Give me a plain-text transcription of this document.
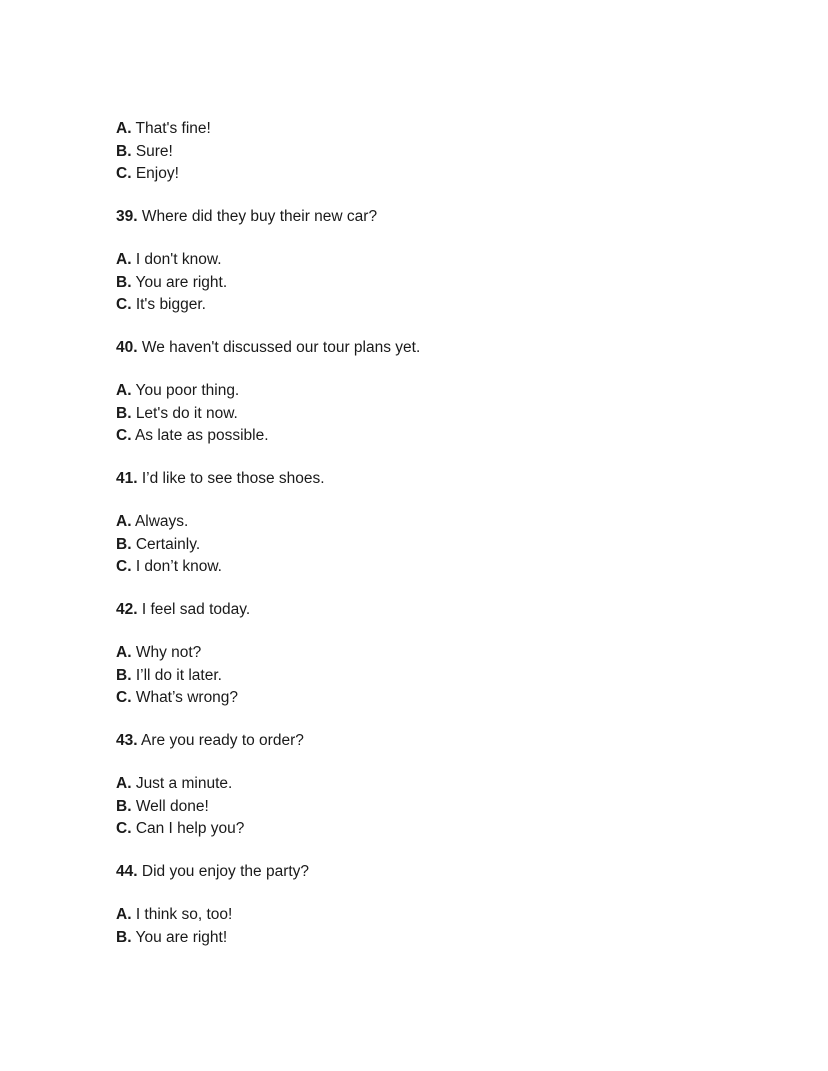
A. That's fine!
B. Sure!
C. Enjoy!
39. Where did they buy their new car?
A. I don't know.
B. You are right.
C. It's bigger.
40. We haven't discussed our tour plans yet.
A. You poor thing.
B. Let's do it now.
C. As late as possible.
41. I’d like to see those shoes.
A. Always.
B. Certainly.
C. I don’t know.
42. I feel sad today.
A. Why not?
B. I’ll do it later.
C. What’s wrong?
43. Are you ready to order?
A. Just a minute.
B. Well done!
C. Can I help you?
44. Did you enjoy the party?
A. I think so, too!
B. You are right!
